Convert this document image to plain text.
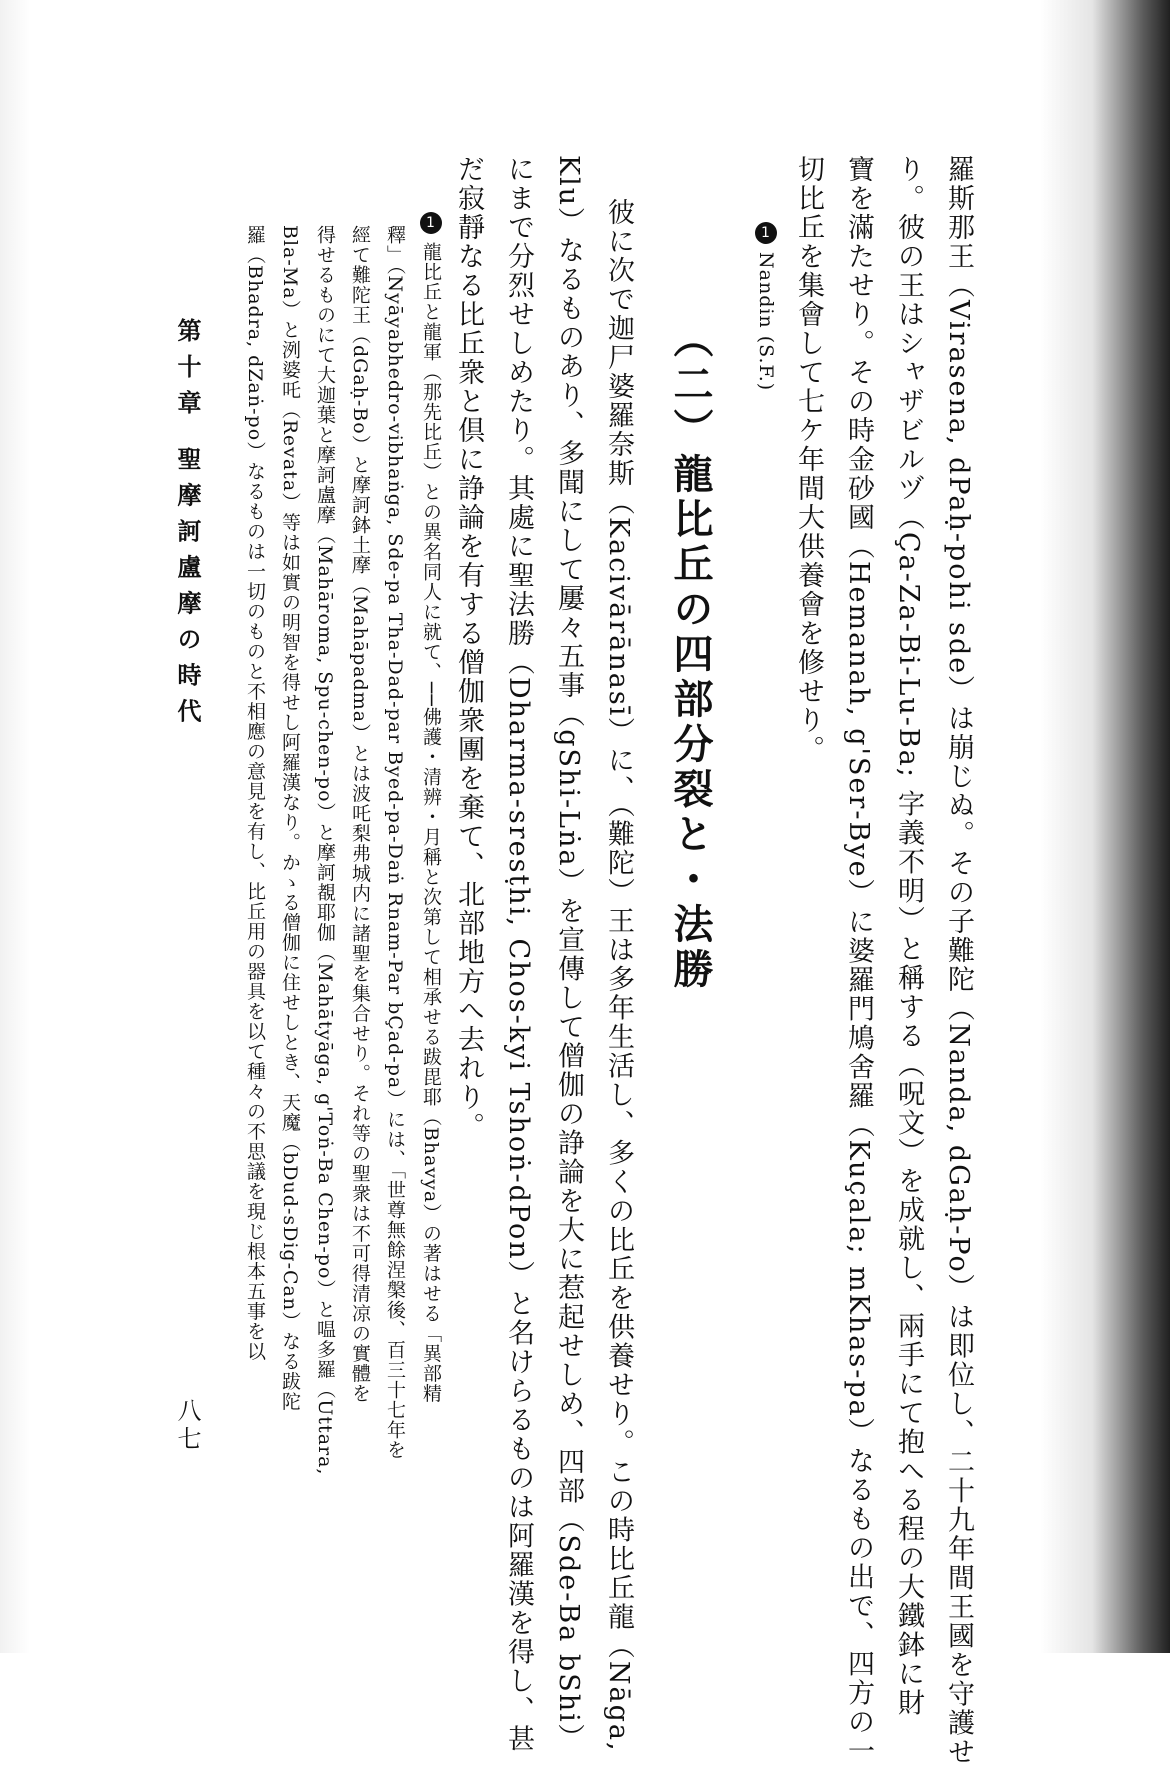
羅斯那王（Virasena, dPaḥ-pohi sde）は崩じぬ。その子難陀（Nanda, dGaḥ-Po）は即位し、二十九年間王國を守護せ
り。彼の王はシャザビルヅ（Ça-Za-Bi-Lu-Ba; 字義不明）と稱する（呪文）を成就し、兩手にて抱へる程の大鐵鉢に財
寶を滿たせり。その時金砂國（Hemanah, g'Ser-Bye）に婆羅門鳩舍羅（Kuçala; mKhas-pa）なるもの出で、四方の一
切比丘を集會して七ケ年間大供養會を修せり。
1Nandin (S.F.)
（二）龍比丘の四部分裂と・法勝
彼に次で迦尸婆羅奈斯（Kacivārānasī）に、（難陀）王は多年生活し、多くの比丘を供養せり。この時比丘龍（Nāga,
Klu）なるものあり、多聞にして屢々五事（gShi-Lṅa）を宣傳して僧伽の諍論を大に惹起せしめ、四部（Sde-Ba bShi）
にまで分烈せしめたり。其處に聖法勝（Dharma-sresṭhi, Chos-kyi Tshoṅ-dPon）と名けらるものは阿羅漢を得し、甚
だ寂靜なる比丘衆と倶に諍論を有する僧伽衆團を棄て、北部地方へ去れり。
1龍比丘と龍軍（那先比丘）との異名同人に就て、──佛護・清辨・月稱と次第して相承せる跋毘耶（Bhavya）の著はせる「異部精
釋」（Nyāyabhedro-vibhaṅga, Sde-pa Tha-Dad-par Byed-pa-Daṅ Rnam-Par bÇad-pa）には、「世尊無餘涅槃後、百三十七年を
經て難陀王（dGaḥ-Bo）と摩訶鉢土摩（Mahāpadma）とは波吒梨弗城内に諸聖を集合せり。それ等の聖衆は不可得清凉の實體を
得せるものにて大迦葉と摩訶盧摩（Mahāroma, Spu-chen-po）と摩訶覩耶伽（Mahātyāga, g'Toṅ-Ba Chen-po）と嗢多羅（Uttara,
Bla-Ma）と洌婆吒（Revata）等は如實の明智を得せし阿羅漢なり。かゝる僧伽に住せしとき、天魔（bDud-sDig-Can）なる跋陀
羅（Bhadra, dZaṅ-po）なるものは一切のものと不相應の意見を有し、比丘用の器具を以て種々の不思議を現じ根本五事を以
第十章 聖摩訶盧摩の時代
八七
